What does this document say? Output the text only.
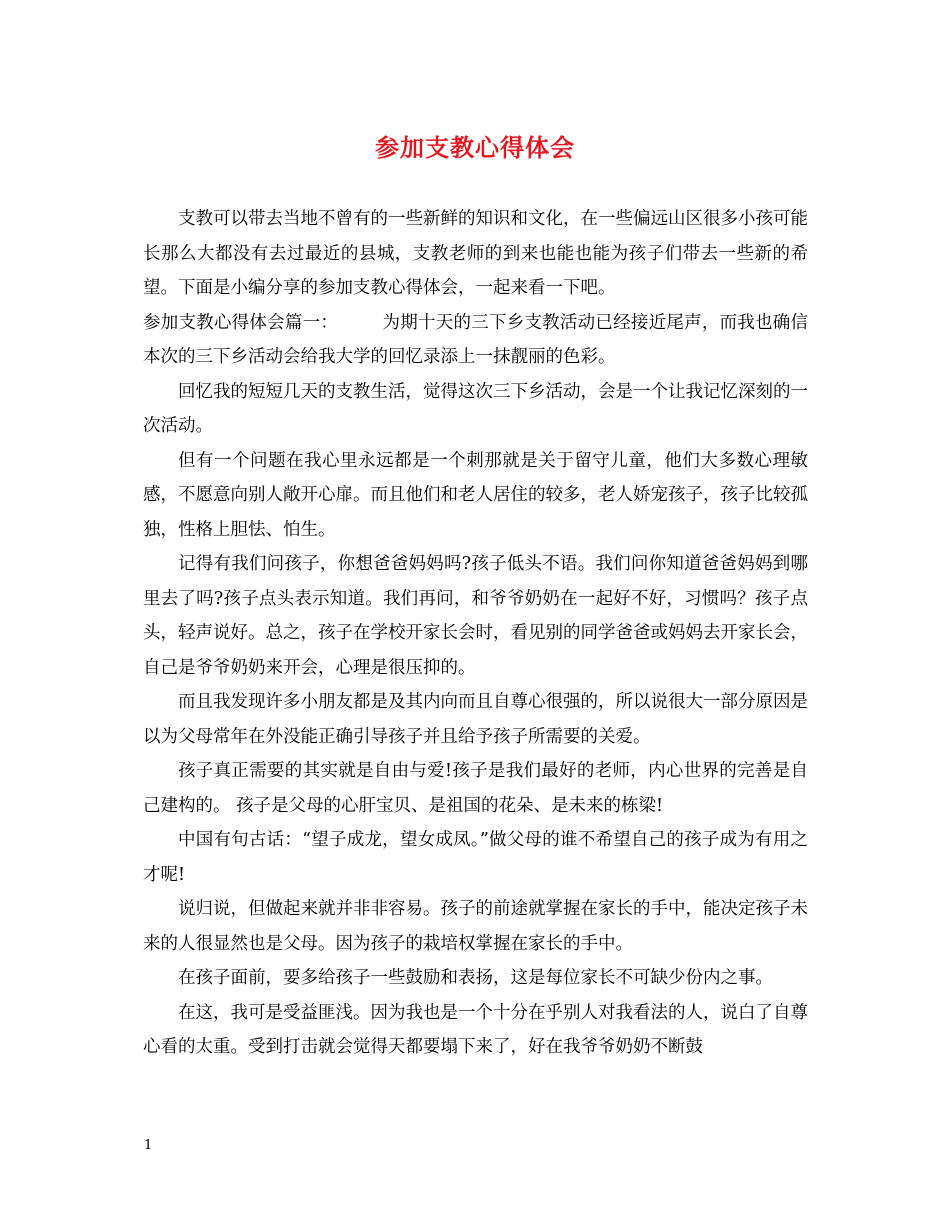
参加支教心得体会

支教可以带去当地不曾有的一些新鲜的知识和文化，在一些偏远山区很多小孩可能长那么大都没有去过最近的县城，支教老师的到来也能也能为孩子们带去一些新的希望。下面是小编分享的参加支教心得体会，一起来看一下吧。

参加支教心得体会篇一：　　　为期十天的三下乡支教活动已经接近尾声，而我也确信本次的三下乡活动会给我大学的回忆录添上一抹靓丽的色彩。

回忆我的短短几天的支教生活，觉得这次三下乡活动，会是一个让我记忆深刻的一次活动。

但有一个问题在我心里永远都是一个刺那就是关于留守儿童，他们大多数心理敏感，不愿意向别人敞开心扉。而且他们和老人居住的较多，老人娇宠孩子，孩子比较孤独，性格上胆怯、怕生。

记得有我们问孩子，你想爸爸妈妈吗?孩子低头不语。我们问你知道爸爸妈妈到哪里去了吗?孩子点头表示知道。我们再问，和爷爷奶奶在一起好不好，习惯吗？孩子点头，轻声说好。总之，孩子在学校开家长会时，看见别的同学爸爸或妈妈去开家长会，自己是爷爷奶奶来开会，心理是很压抑的。

而且我发现许多小朋友都是及其内向而且自尊心很强的，所以说很大一部分原因是以为父母常年在外没能正确引导孩子并且给予孩子所需要的关爱。

孩子真正需要的其实就是自由与爱!孩子是我们最好的老师，内心世界的完善是自己建构的。 孩子是父母的心肝宝贝、是祖国的花朵、是未来的栋梁!

中国有句古话：“望子成龙，望女成凤。”做父母的谁不希望自己的孩子成为有用之才呢!

说归说，但做起来就并非非容易。孩子的前途就掌握在家长的手中，能决定孩子未来的人很显然也是父母。因为孩子的栽培权掌握在家长的手中。

在孩子面前，要多给孩子一些鼓励和表扬，这是每位家长不可缺少份内之事。

在这，我可是受益匪浅。因为我也是一个十分在乎别人对我看法的人，说白了自尊心看的太重。受到打击就会觉得天都要塌下来了，好在我爷爷奶奶不断鼓

1
